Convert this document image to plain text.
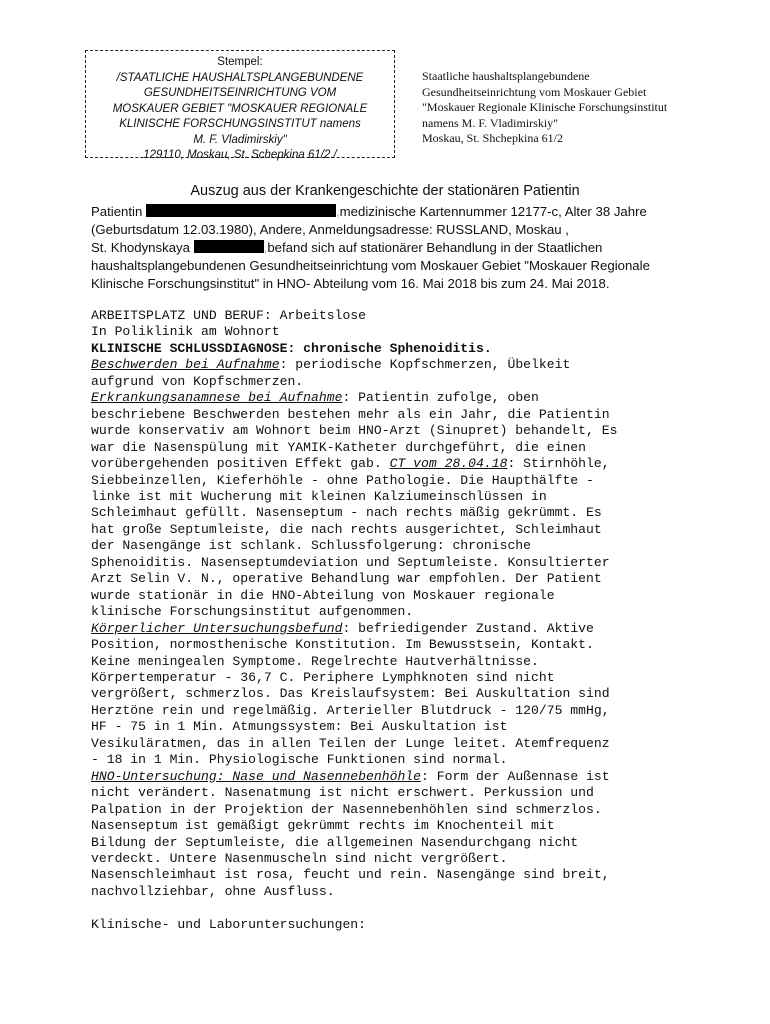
Stempel:
/STAATLICHE HAUSHALTSPLANGEBUNDENE
GESUNDHEITSEINRICHTUNG VOM
MOSKAUER GEBIET "MOSKAUER REGIONALE
KLINISCHE FORSCHUNGSINSTITUT namens
M. F. Vladimirskiy"
129110, Moskau, St. Schepkina 61/2./
Staatliche haushaltsplangebundene
Gesundheitseinrichtung vom Moskauer Gebiet
"Moskauer Regionale Klinische Forschungsinstitut
namens M. F. Vladimirskiy"
Moskau, St. Shchepkina 61/2
Auszug aus der Krankengeschichte der stationären Patientin
Patientin	,medizinische Kartennummer 12177-c, Alter 38 Jahre
(Geburtsdatum 12.03.1980), Andere, Anmeldungsadresse: RUSSLAND, Moskau ,
St. Khodynskaya	,befand sich auf stationärer Behandlung in der Staatlichen
haushaltsplangebundenen Gesundheitseinrichtung vom Moskauer Gebiet "Moskauer Regionale
Klinische Forschungsinstitut" in HNO- Abteilung vom 16. Mai 2018 bis zum 24. Mai 2018.
ARBEITSPLATZ UND BERUF: Arbeitslose
In Poliklinik am Wohnort
KLINISCHE SCHLUSSDIAGNOSE: chronische Sphenoiditis.
Beschwerden bei Aufnahme: periodische Kopfschmerzen, Übelkeit
aufgrund von Kopfschmerzen.
Erkrankungsanamnese bei Aufnahme: Patientin zufolge, oben
beschriebene Beschwerden bestehen mehr als ein Jahr, die Patientin
wurde konservativ am Wohnort beim HNO-Arzt (Sinupret) behandelt, Es
war die Nasenspülung mit YAMIK-Katheter durchgeführt, die einen
vorübergehenden positiven Effekt gab. CT vom 28.04.18: Stirnhöhle,
Siebbeinzellen, Kieferhöhle - ohne Pathologie. Die Haupthälfte -
linke ist mit Wucherung mit kleinen Kalziumeinschlüssen in
Schleimhaut gefüllt. Nasenseptum - nach rechts mäßig gekrümmt. Es
hat große Septumleiste, die nach rechts ausgerichtet, Schleimhaut
der Nasengänge ist schlank. Schlussfolgerung: chronische
Sphenoiditis. Nasenseptumdeviation und Septumleiste. Konsultierter
Arzt Selin V. N., operative Behandlung war empfohlen. Der Patient
wurde stationär in die HNO-Abteilung von Moskauer regionale
klinische Forschungsinstitut aufgenommen.
Körperlicher Untersuchungsbefund: befriedigender Zustand. Aktive
Position, normosthenische Konstitution. Im Bewusstsein, Kontakt.
Keine meningealen Symptome. Regelrechte Hautverhältnisse.
Körpertemperatur - 36,7 C. Periphere Lymphknoten sind nicht
vergrößert, schmerzlos. Das Kreislaufsystem: Bei Auskultation sind
Herztöne rein und regelmäßig. Arterieller Blutdruck - 120/75 mmHg,
HF - 75 in 1 Min. Atmungssystem: Bei Auskultation ist
Vesikuläratmen, das in allen Teilen der Lunge leitet. Atemfrequenz
- 18 in 1 Min. Physiologische Funktionen sind normal.
HNO-Untersuchung: Nase und Nasennebenhöhle: Form der Außennase ist
nicht verändert. Nasenatmung ist nicht erschwert. Perkussion und
Palpation in der Projektion der Nasennebenhöhlen sind schmerzlos.
Nasenseptum ist gemäßigt gekrümmt rechts im Knochenteil mit
Bildung der Septumleiste, die allgemeinen Nasendurchgang nicht
verdeckt. Untere Nasenmuscheln sind nicht vergrößert.
Nasenschleimhaut ist rosa, feucht und rein. Nasengänge sind breit,
nachvollziehbar, ohne Ausfluss.

Klinische- und Laboruntersuchungen:
